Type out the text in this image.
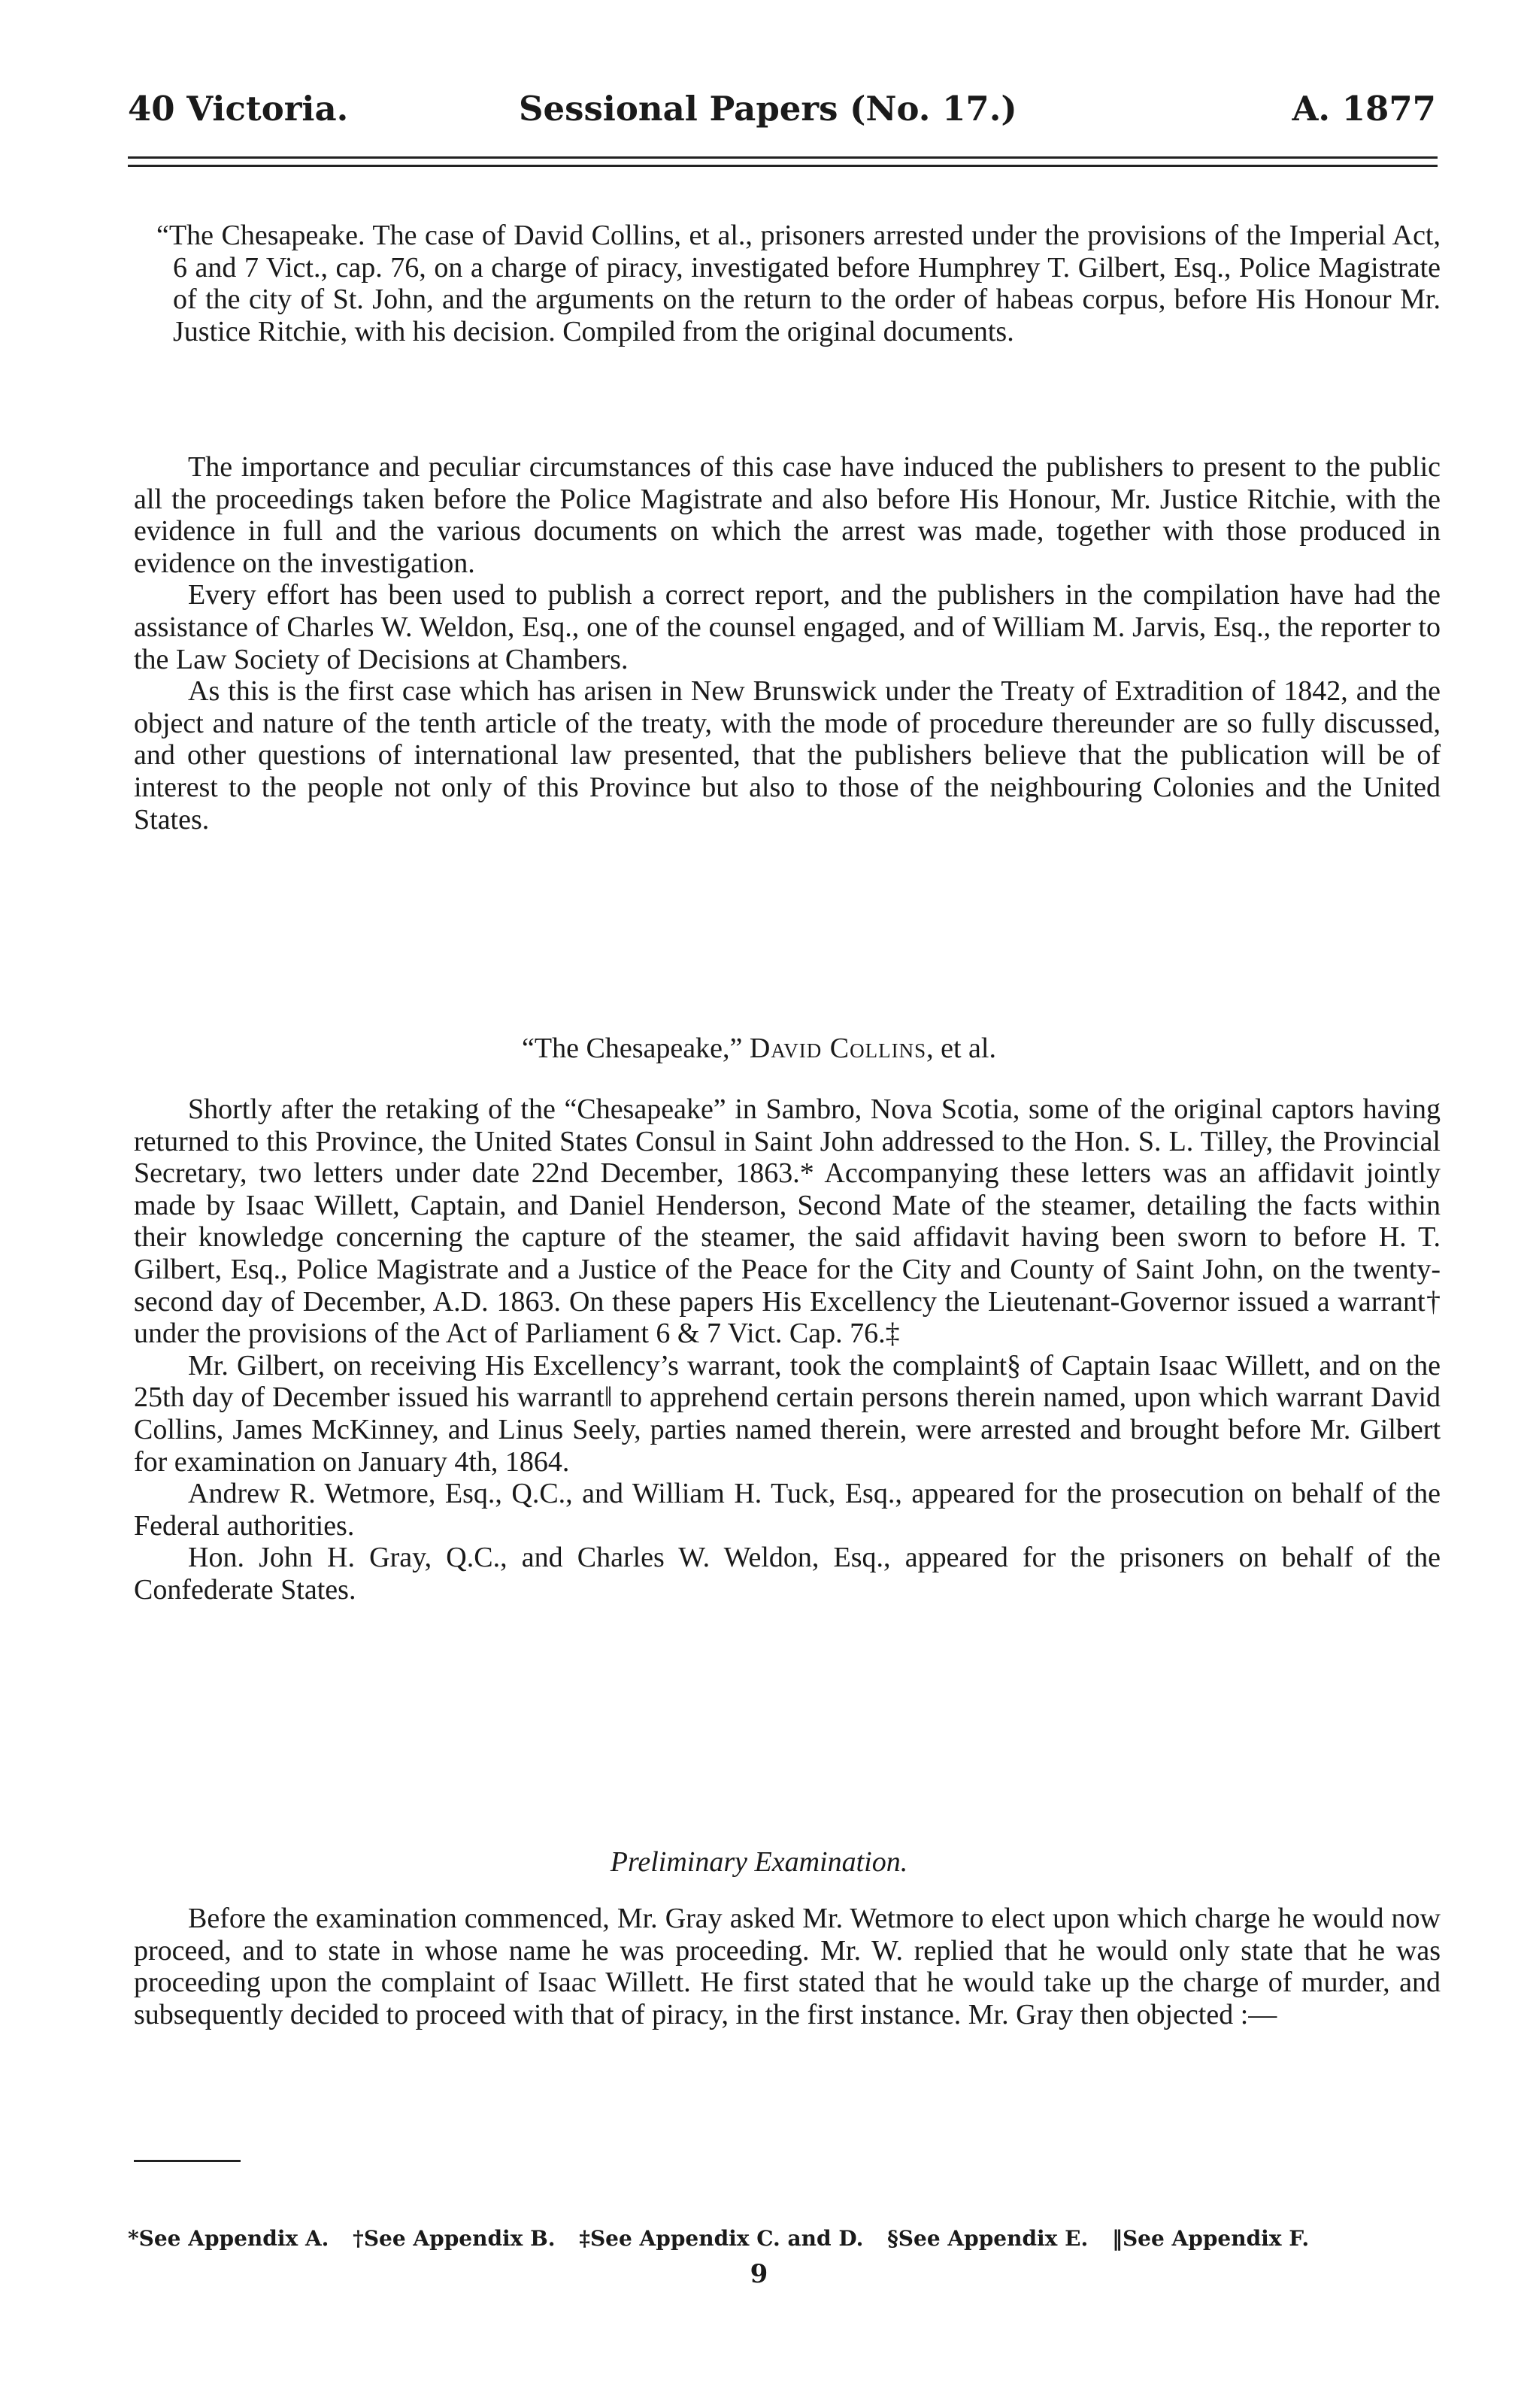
40 Victoria.	Sessional Papers (No. 17.)	A. 1877

“The Chesapeake. The case of David Collins, et al., prisoners arrested under the provisions of the Imperial Act, 6 and 7 Vict., cap. 76, on a charge of piracy, investigated before Humphrey T. Gilbert, Esq., Police Magistrate of the city of St. John, and the arguments on the return to the order of habeas corpus, before His Honour Mr. Justice Ritchie, with his decision. Compiled from the original documents.

The importance and peculiar circumstances of this case have induced the publishers to present to the public all the proceedings taken before the Police Magistrate and also before His Honour, Mr. Justice Ritchie, with the evidence in full and the various documents on which the arrest was made, together with those produced in evidence on the investigation.

Every effort has been used to publish a correct report, and the publishers in the compilation have had the assistance of Charles W. Weldon, Esq., one of the counsel engaged, and of William M. Jarvis, Esq., the reporter to the Law Society of Decisions at Chambers.

As this is the first case which has arisen in New Brunswick under the Treaty of Extradition of 1842, and the object and nature of the tenth article of the treaty, with the mode of procedure thereunder are so fully discussed, and other questions of international law presented, that the publishers believe that the publication will be of interest to the people not only of this Province but also to those of the neighbouring Colonies and the United States.

“The Chesapeake,” David Collins, et al.

Shortly after the retaking of the “Chesapeake” in Sambro, Nova Scotia, some of the original captors having returned to this Province, the United States Consul in Saint John addressed to the Hon. S. L. Tilley, the Provincial Secretary, two letters under date 22nd December, 1863.* Accompanying these letters was an affidavit jointly made by Isaac Willett, Captain, and Daniel Henderson, Second Mate of the steamer, detailing the facts within their knowledge concerning the capture of the steamer, the said affidavit having been sworn to before H. T. Gilbert, Esq., Police Magistrate and a Justice of the Peace for the City and County of Saint John, on the twenty-second day of December, A.D. 1863. On these papers His Excellency the Lieutenant-Governor issued a warrant† under the provisions of the Act of Parliament 6 & 7 Vict. Cap. 76.‡

Mr. Gilbert, on receiving His Excellency’s warrant, took the complaint§ of Captain Isaac Willett, and on the 25th day of December issued his warrant‖ to apprehend certain persons therein named, upon which warrant David Collins, James McKinney, and Linus Seely, parties named therein, were arrested and brought before Mr. Gilbert for examination on January 4th, 1864.

Andrew R. Wetmore, Esq., Q.C., and William H. Tuck, Esq., appeared for the prosecution on behalf of the Federal authorities.

Hon. John H. Gray, Q.C., and Charles W. Weldon, Esq., appeared for the prisoners on behalf of the Confederate States.

Preliminary Examination.

Before the examination commenced, Mr. Gray asked Mr. Wetmore to elect upon which charge he would now proceed, and to state in whose name he was proceeding. Mr. W. replied that he would only state that he was proceeding upon the complaint of Isaac Willett. He first stated that he would take up the charge of murder, and subsequently decided to proceed with that of piracy, in the first instance. Mr. Gray then objected :—

*See Appendix A. †See Appendix B. ‡See Appendix C. and D. §See Appendix E. ‖See Appendix F.
9
